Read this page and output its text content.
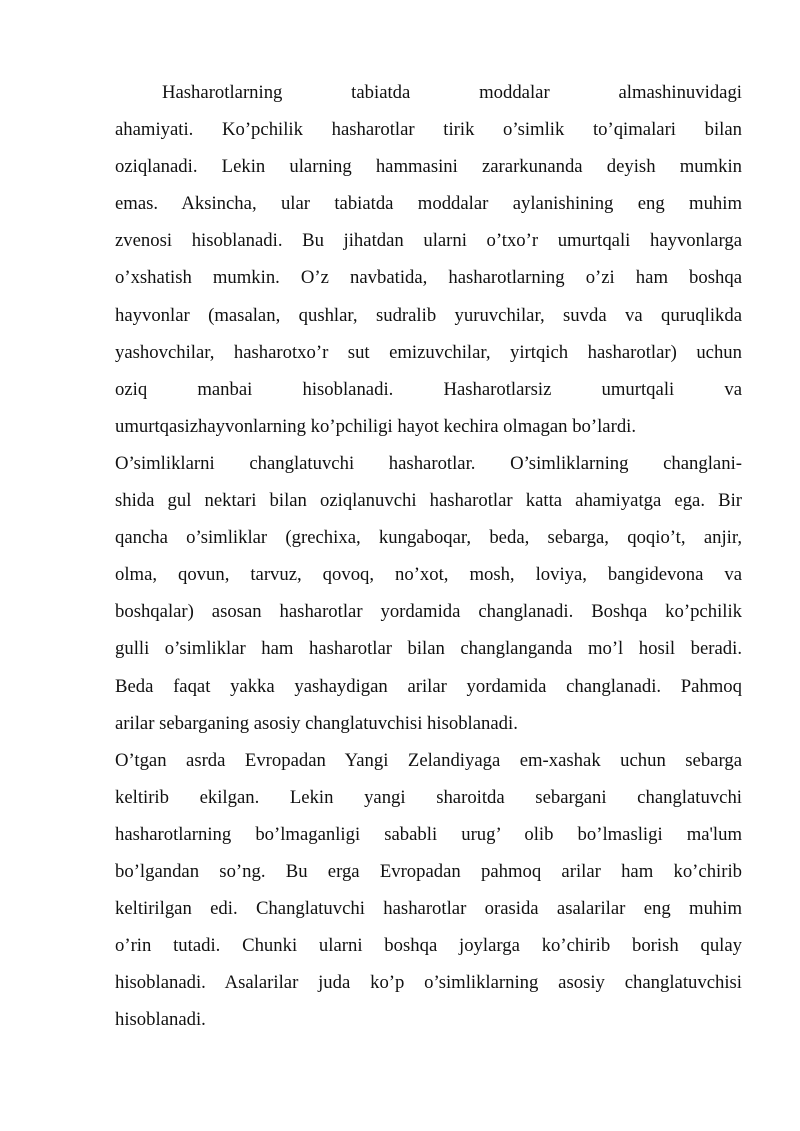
Hasharotlarning tabiatda moddalar almashinuvidagi
ahamiyati. Ko’pchilik hasharotlar tirik o’simlik to’qimalari bilan
oziqlanadi. Lekin ularning hammasini zararkunanda deyish mumkin
emas. Aksincha, ular tabiatda moddalar aylanishining eng muhim
zvenosi hisoblanadi. Bu jihatdan ularni o’txo’r umurtqali hayvonlarga
o’xshatish mumkin. O’z navbatida, hasharotlarning o’zi ham boshqa
hayvonlar (masalan, qushlar, sudralib yuruvchilar, suvda va quruqlikda
yashovchilar, hasharotxo’r sut emizuvchilar, yirtqich hasharotlar) uchun
oziq manbai hisoblanadi. Hasharotlarsiz umurtqali va
umurtqasizhayvonlarning ko’pchiligi hayot kechira olmagan bo’lardi.
O’simliklarni changlatuvchi hasharotlar. O’simliklarning changlani-
shida gul nektari bilan oziqlanuvchi hasharotlar katta ahamiyatga ega. Bir
qancha o’simliklar (grechixa, kungaboqar, beda, sebarga, qoqio’t, anjir,
olma, qovun, tarvuz, qovoq, no’xot, mosh, loviya, bangidevona va
boshqalar) asosan hasharotlar yordamida changlanadi. Boshqa ko’pchilik
gulli o’simliklar ham hasharotlar bilan changlanganda mo’l hosil beradi.
Beda faqat yakka yashaydigan arilar yordamida changlanadi. Pahmoq
arilar sebarganing asosiy changlatuvchisi hisoblanadi.
O’tgan asrda Evropadan Yangi Zelandiyaga em-xashak uchun sebarga
keltirib ekilgan. Lekin yangi sharoitda sebargani changlatuvchi
hasharotlarning bo’lmaganligi sababli urug’ olib bo’lmasligi ma'lum
bo’lgandan so’ng. Bu erga Evropadan pahmoq arilar ham ko’chirib
keltirilgan edi. Changlatuvchi hasharotlar orasida asalarilar eng muhim
o’rin tutadi. Chunki ularni boshqa joylarga ko’chirib borish qulay
hisoblanadi. Asalarilar juda ko’p o’simliklarning asosiy changlatuvchisi
hisoblanadi.
